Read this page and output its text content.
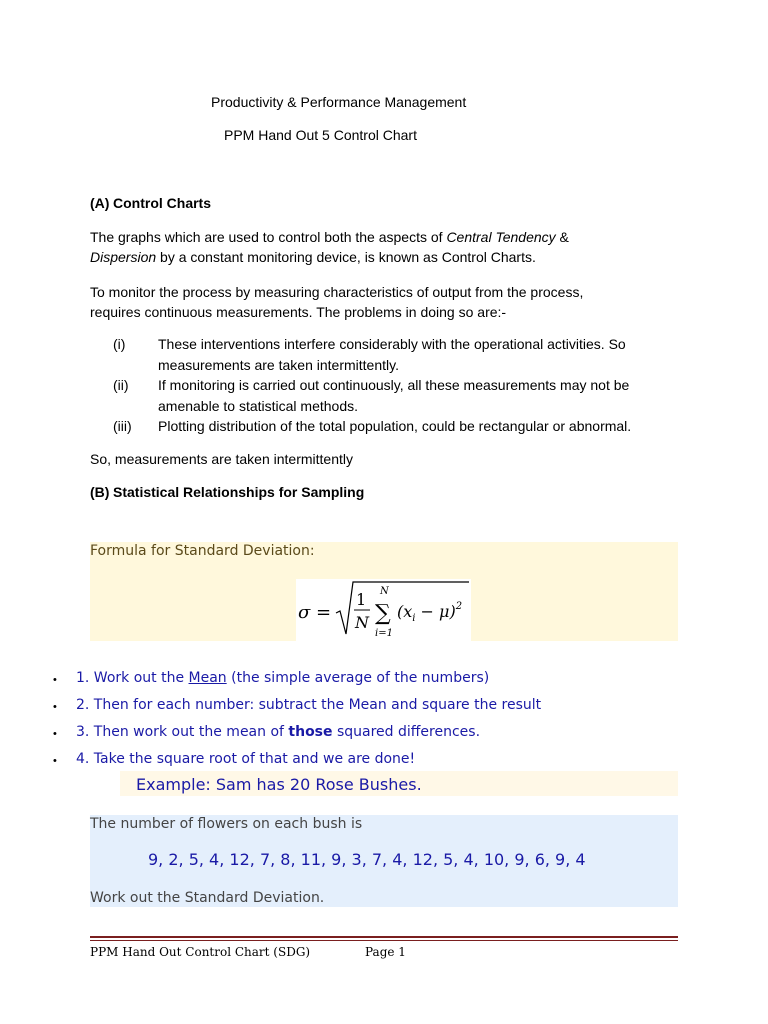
Productivity & Performance Management
PPM Hand Out 5 Control Chart
(A) Control Charts
The graphs which are used to control both the aspects of Central Tendency &
Dispersion by a constant monitoring device, is known as Control Charts.
To monitor the process by measuring characteristics of output from the process,
requires continuous measurements. The problems in doing so are:-
(i) These interventions interfere considerably with the operational activities. So
measurements are taken intermittently.
(ii) If monitoring is carried out continuously, all these measurements may not be
amenable to statistical methods.
(iii) Plotting distribution of the total population, could be rectangular or abnormal.
So, measurements are taken intermittently
(B) Statistical Relationships for Sampling
Formula for Standard Deviation:
σ =
1
N
N
∑
i=1
$(x_i - \mu)^2$
• 1. Work out the Mean (the simple average of the numbers)
• 2. Then for each number: subtract the Mean and square the result
• 3. Then work out the mean of those squared differences.
• 4. Take the square root of that and we are done!
Example: Sam has 20 Rose Bushes.
The number of flowers on each bush is
9, 2, 5, 4, 12, 7, 8, 11, 9, 3, 7, 4, 12, 5, 4, 10, 9, 6, 9, 4
Work out the Standard Deviation.
PPM Hand Out Control Chart (SDG)	Page 1
